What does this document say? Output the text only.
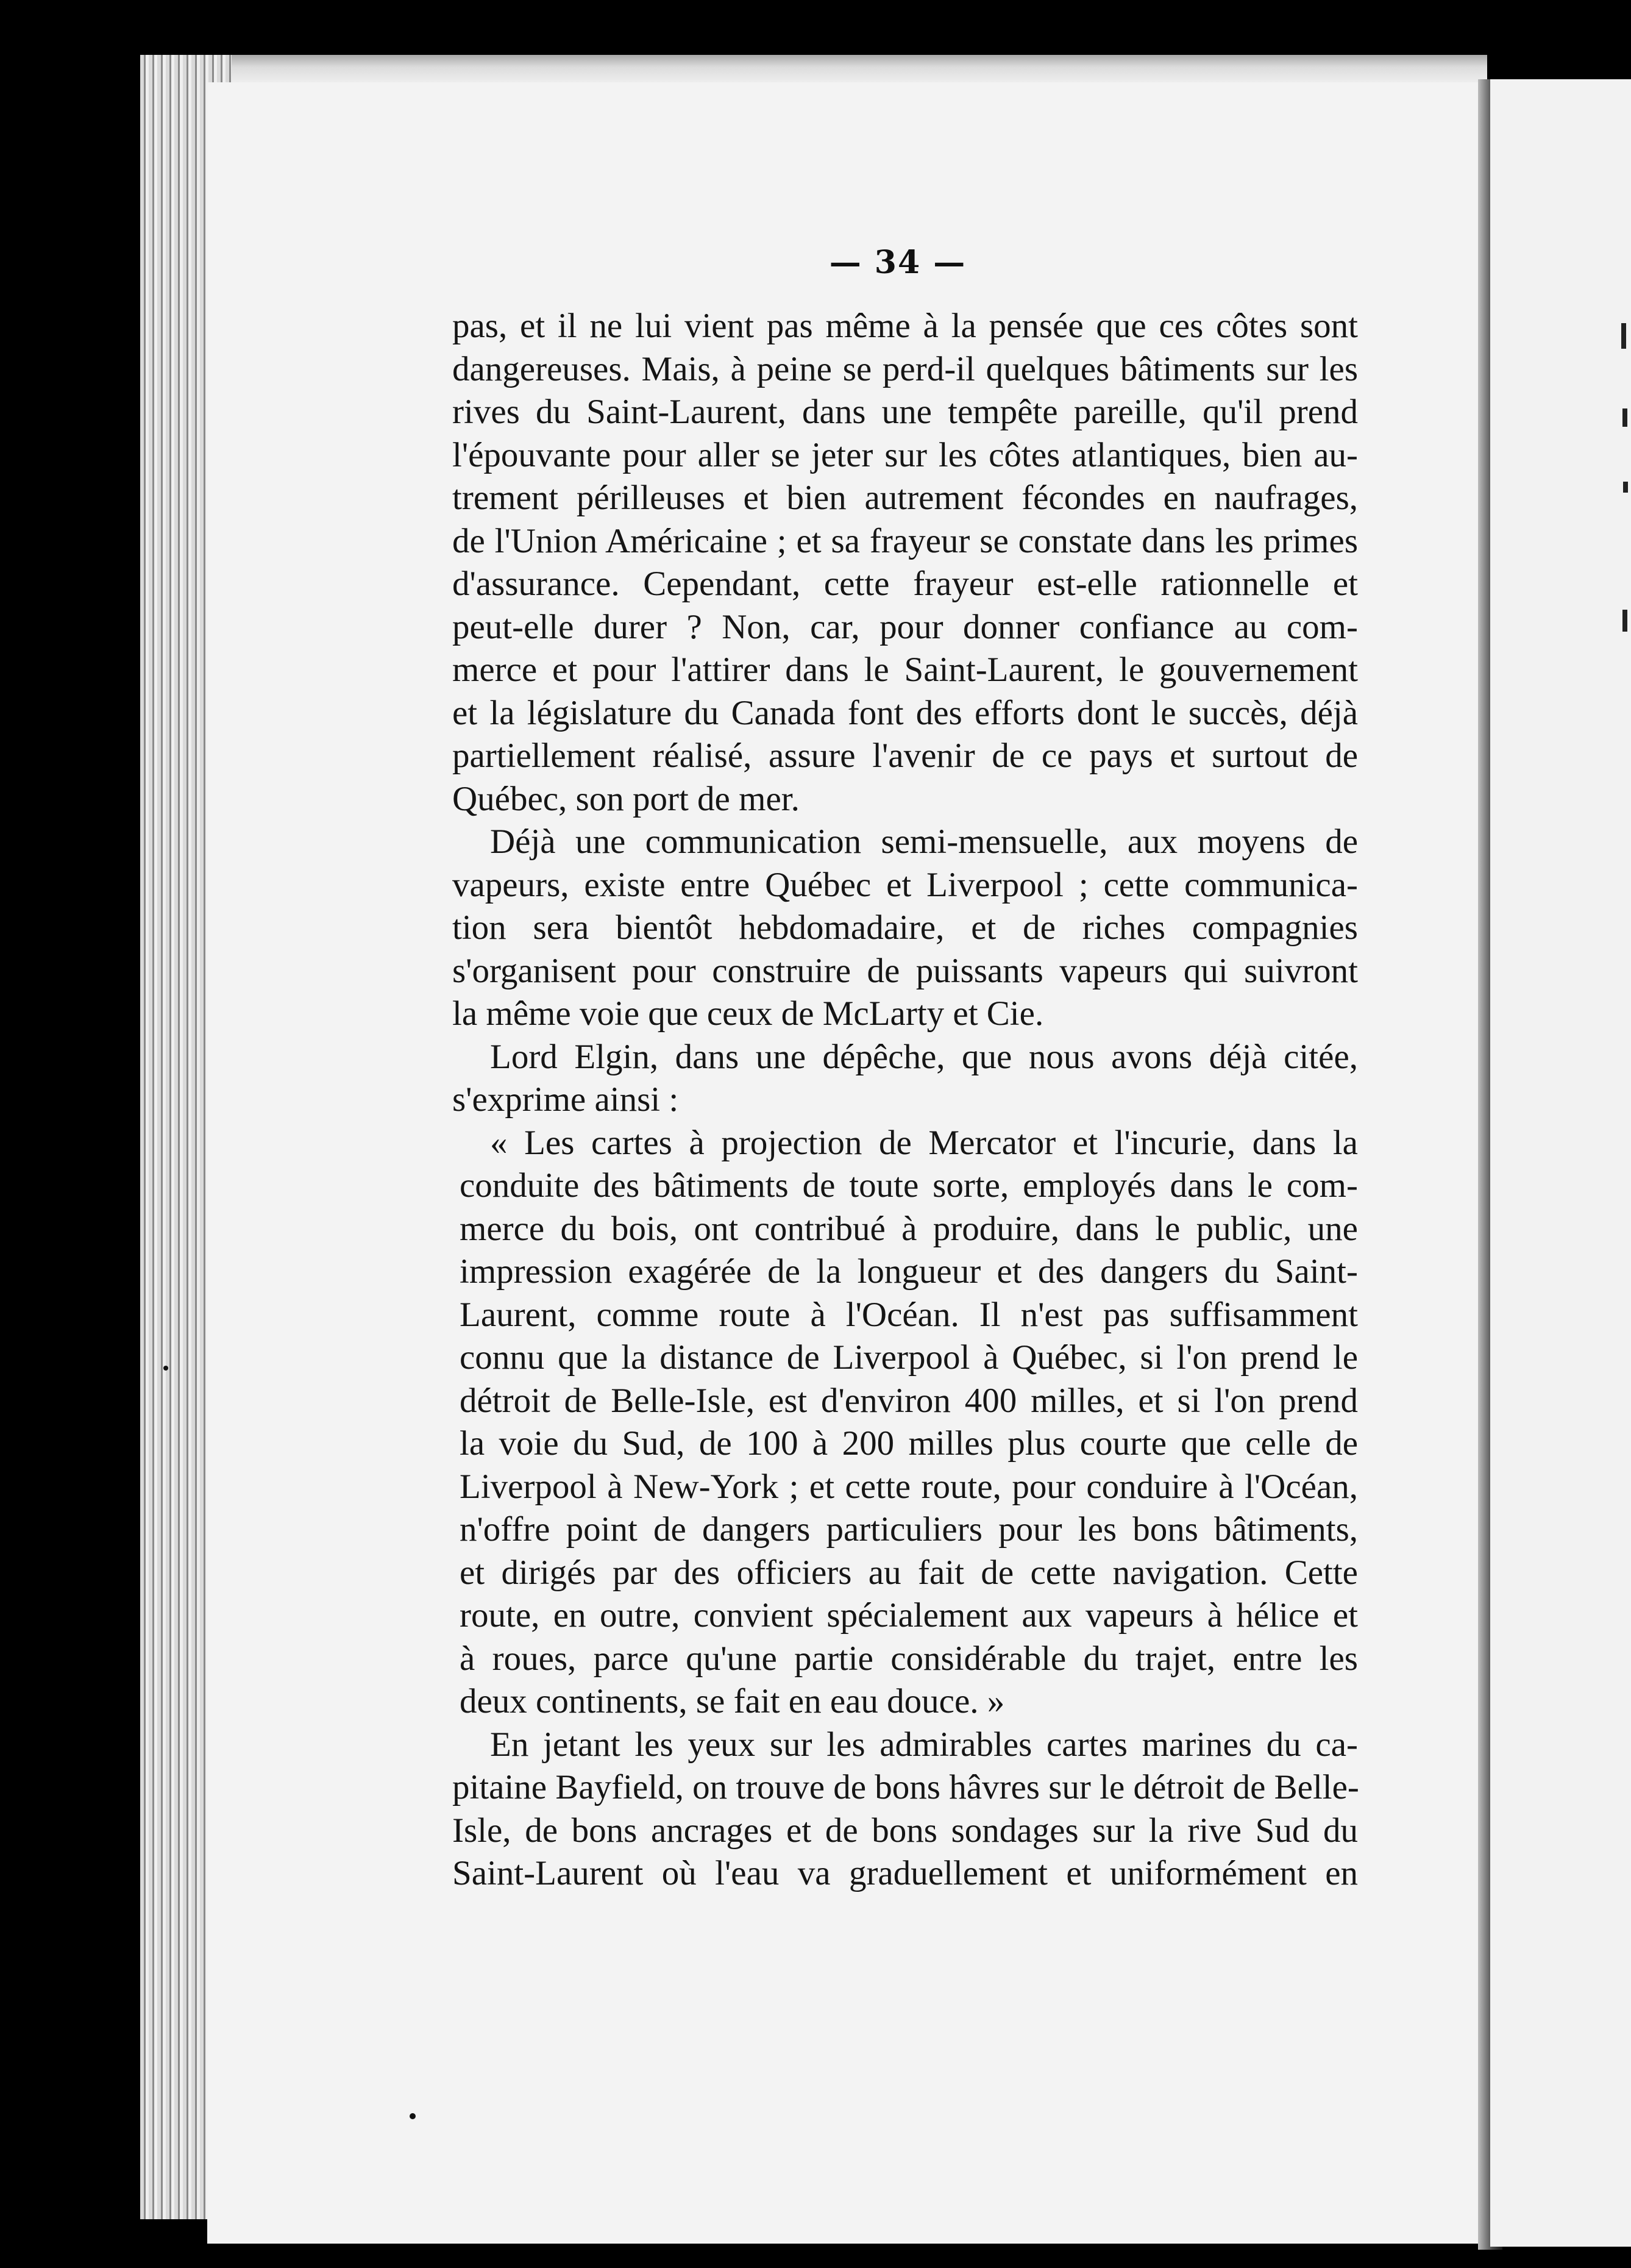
— 34 —
pas, et il ne lui vient pas même à la pensée que ces côtes sont
dangereuses. Mais, à peine se perd-il quelques bâtiments sur les
rives du Saint-Laurent, dans une tempête pareille, qu'il prend
l'épouvante pour aller se jeter sur les côtes atlantiques, bien au-
trement périlleuses et bien autrement fécondes en naufrages,
de l'Union Américaine ; et sa frayeur se constate dans les primes
d'assurance. Cependant, cette frayeur est-elle rationnelle et
peut-elle durer ? Non, car, pour donner confiance au com-
merce et pour l'attirer dans le Saint-Laurent, le gouvernement
et la législature du Canada font des efforts dont le succès, déjà
partiellement réalisé, assure l'avenir de ce pays et surtout de
Québec, son port de mer.
Déjà une communication semi-mensuelle, aux moyens de
vapeurs, existe entre Québec et Liverpool ; cette communica-
tion sera bientôt hebdomadaire, et de riches compagnies
s'organisent pour construire de puissants vapeurs qui suivront
la même voie que ceux de McLarty et Cie.
Lord Elgin, dans une dépêche, que nous avons déjà citée,
s'exprime ainsi :
« Les cartes à projection de Mercator et l'incurie, dans la
conduite des bâtiments de toute sorte, employés dans le com-
merce du bois, ont contribué à produire, dans le public, une
impression exagérée de la longueur et des dangers du Saint-
Laurent, comme route à l'Océan. Il n'est pas suffisamment
connu que la distance de Liverpool à Québec, si l'on prend le
détroit de Belle-Isle, est d'environ 400 milles, et si l'on prend
la voie du Sud, de 100 à 200 milles plus courte que celle de
Liverpool à New-York ; et cette route, pour conduire à l'Océan,
n'offre point de dangers particuliers pour les bons bâtiments,
et dirigés par des officiers au fait de cette navigation. Cette
route, en outre, convient spécialement aux vapeurs à hélice et
à roues, parce qu'une partie considérable du trajet, entre les
deux continents, se fait en eau douce. »
En jetant les yeux sur les admirables cartes marines du ca-
pitaine Bayfield, on trouve de bons hâvres sur le détroit de Belle-
Isle, de bons ancrages et de bons sondages sur la rive Sud du
Saint-Laurent où l'eau va graduellement et uniformément en
